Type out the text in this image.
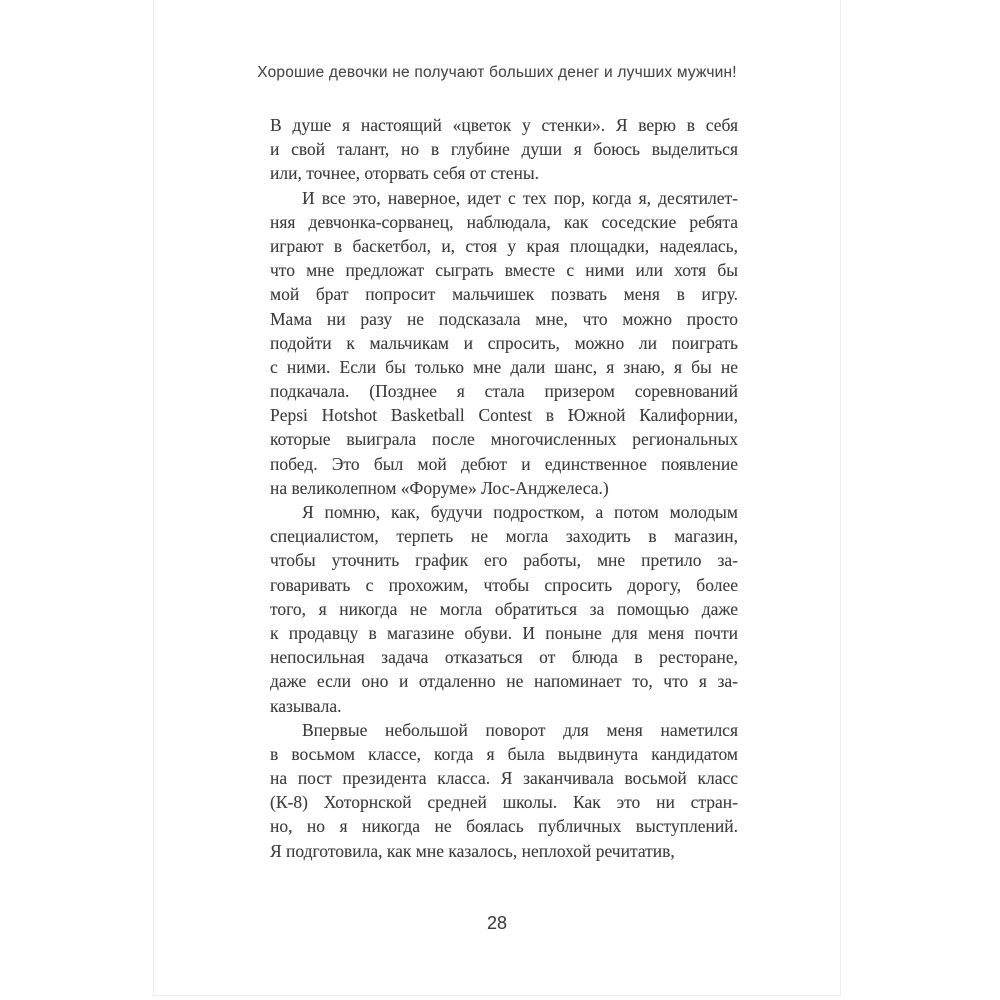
Хорошие девочки не получают больших денег и лучших мужчин!
В душе я настоящий «цветок у стенки». Я верю в себя
и свой талант, но в глубине души я боюсь выделиться
или, точнее, оторвать себя от стены.
И все это, наверное, идет с тех пор, когда я, десятилет-
няя девчонка-сорванец, наблюдала, как соседские ребята
играют в баскетбол, и, стоя у края площадки, надеялась,
что мне предложат сыграть вместе с ними или хотя бы
мой брат попросит мальчишек позвать меня в игру.
Мама ни разу не подсказала мне, что можно просто
подойти к мальчикам и спросить, можно ли поиграть
с ними. Если бы только мне дали шанс, я знаю, я бы не
подкачала. (Позднее я стала призером соревнований
Pepsi Hotshot Basketball Contest в Южной Калифорнии,
которые выиграла после многочисленных региональных
побед. Это был мой дебют и единственное появление
на великолепном «Форуме» Лос-Анджелеса.)
Я помню, как, будучи подростком, а потом молодым
специалистом, терпеть не могла заходить в магазин,
чтобы уточнить график его работы, мне претило за-
говаривать с прохожим, чтобы спросить дорогу, более
того, я никогда не могла обратиться за помощью даже
к продавцу в магазине обуви. И поныне для меня почти
непосильная задача отказаться от блюда в ресторане,
даже если оно и отдаленно не напоминает то, что я за-
казывала.
Впервые небольшой поворот для меня наметился
в восьмом классе, когда я была выдвинута кандидатом
на пост президента класса. Я заканчивала восьмой класс
(К-8) Хоторнской средней школы. Как это ни стран-
но, но я никогда не боялась публичных выступлений.
Я подготовила, как мне казалось, неплохой речитатив,
28
